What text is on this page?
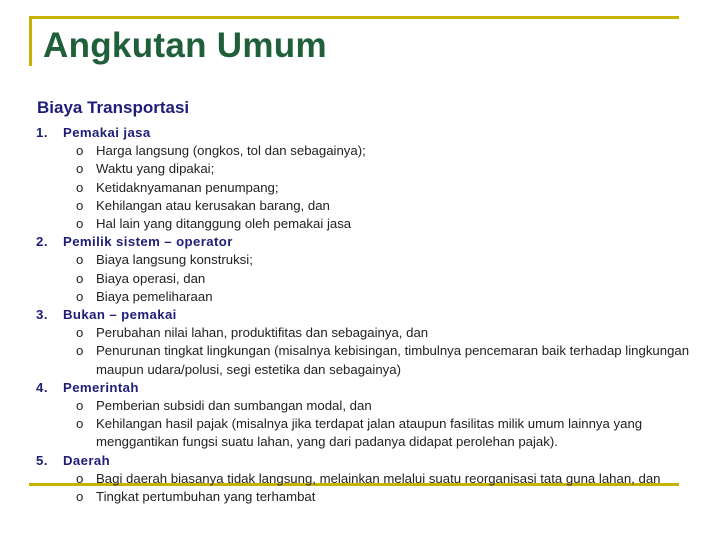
Angkutan Umum
Biaya Transportasi
1. Pemakai jasa
o Harga langsung (ongkos, tol dan sebagainya);
o Waktu yang dipakai;
o Ketidaknyamanan penumpang;
o Kehilangan atau kerusakan barang, dan
o Hal lain yang ditanggung oleh pemakai jasa
2. Pemilik sistem – operator
o Biaya langsung konstruksi;
o Biaya operasi, dan
o Biaya pemeliharaan
3. Bukan – pemakai
o Perubahan nilai lahan, produktifitas dan sebagainya, dan
o Penurunan tingkat lingkungan (misalnya kebisingan, timbulnya pencemaran baik terhadap lingkungan maupun udara/polusi, segi estetika dan sebagainya)
4. Pemerintah
o Pemberian subsidi dan sumbangan modal, dan
o Kehilangan hasil pajak (misalnya jika terdapat jalan ataupun fasilitas milik umum lainnya yang menggantikan fungsi suatu lahan, yang dari padanya didapat perolehan pajak).
5. Daerah
o Bagi daerah biasanya tidak langsung, melainkan melalui suatu reorganisasi tata guna lahan, dan
o Tingkat pertumbuhan yang terhambat
